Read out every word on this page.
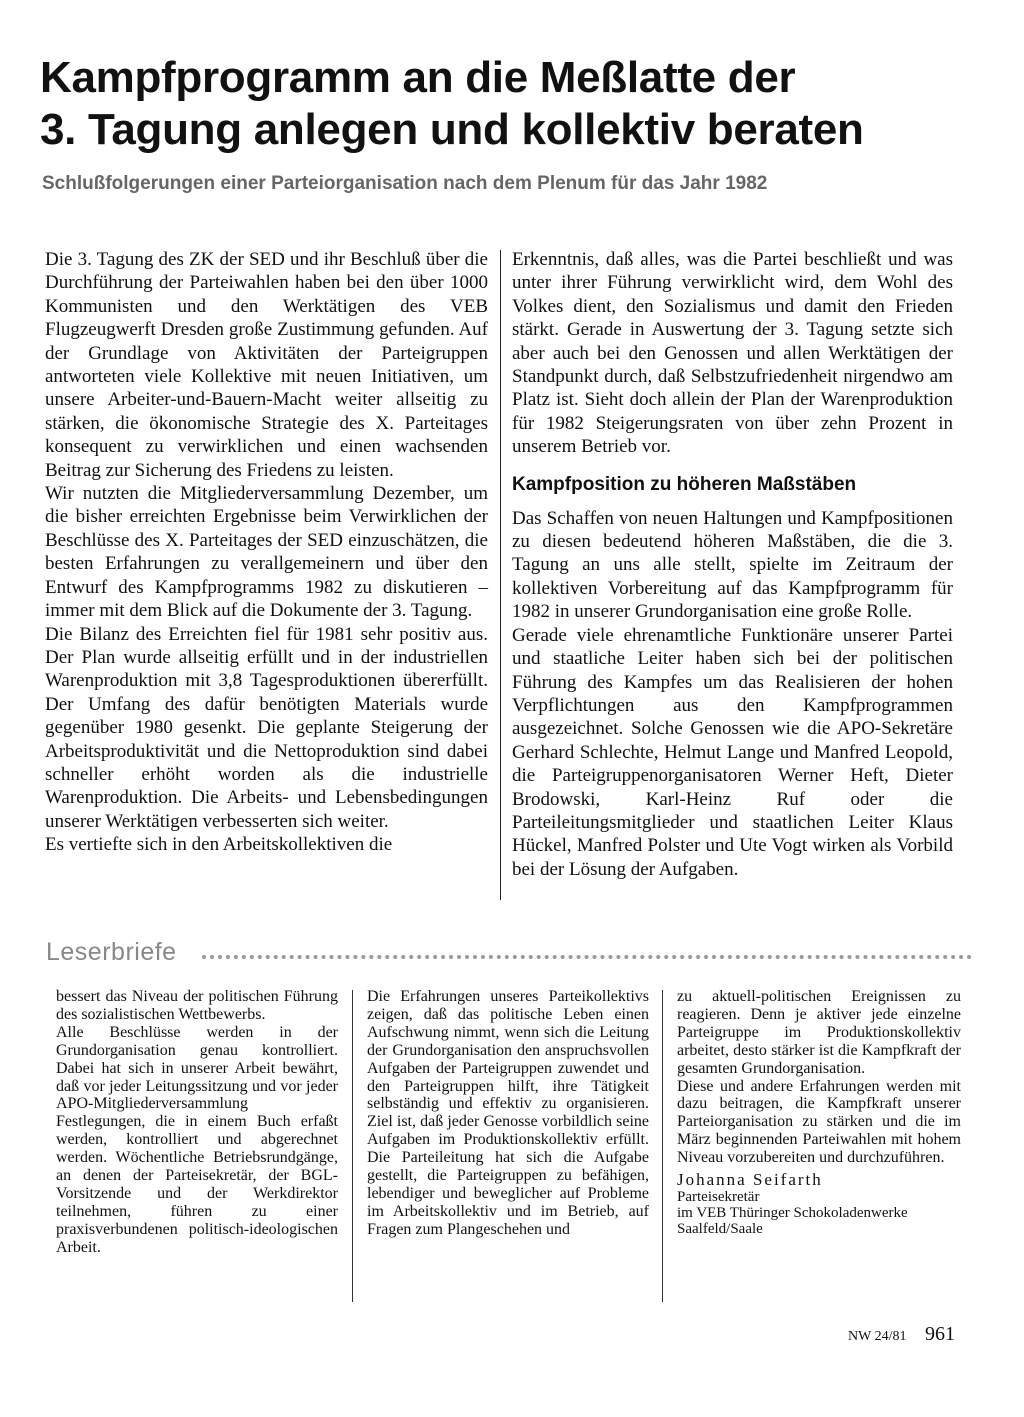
Kampfprogramm an die Meßlatte der
3. Tagung anlegen und kollektiv beraten

Schlußfolgerungen einer Parteiorganisation nach dem Plenum für das Jahr 1982

Die 3. Tagung des ZK der SED und ihr Beschluß über die Durchführung der Parteiwahlen haben bei den über 1000 Kommunisten und den Werktätigen des VEB Flugzeugwerft Dresden große Zustimmung gefunden. Auf der Grundlage von Aktivitäten der Parteigruppen antworteten viele Kollektive mit neuen Initiativen, um unsere Arbeiter-und-Bauern-Macht weiter allseitig zu stärken, die ökonomische Strategie des X. Parteitages konsequent zu verwirklichen und einen wachsenden Beitrag zur Sicherung des Friedens zu leisten.

Wir nutzten die Mitgliederversammlung Dezember, um die bisher erreichten Ergebnisse beim Verwirklichen der Beschlüsse des X. Parteitages der SED einzuschätzen, die besten Erfahrungen zu verallgemeinern und über den Entwurf des Kampfprogramms 1982 zu diskutieren – immer mit dem Blick auf die Dokumente der 3. Tagung.

Die Bilanz des Erreichten fiel für 1981 sehr positiv aus. Der Plan wurde allseitig erfüllt und in der industriellen Warenproduktion mit 3,8 Tagesproduktionen übererfüllt. Der Umfang des dafür benötigten Materials wurde gegenüber 1980 gesenkt. Die geplante Steigerung der Arbeitsproduktivität und die Nettoproduktion sind dabei schneller erhöht worden als die industrielle Warenproduktion. Die Arbeits- und Lebensbedingungen unserer Werktätigen verbesserten sich weiter.

Es vertiefte sich in den Arbeitskollektiven die

Erkenntnis, daß alles, was die Partei beschließt und was unter ihrer Führung verwirklicht wird, dem Wohl des Volkes dient, den Sozialismus und damit den Frieden stärkt. Gerade in Auswertung der 3. Tagung setzte sich aber auch bei den Genossen und allen Werktätigen der Standpunkt durch, daß Selbstzufriedenheit nirgendwo am Platz ist. Sieht doch allein der Plan der Warenproduktion für 1982 Steigerungsraten von über zehn Prozent in unserem Betrieb vor.

Kampfposition zu höheren Maßstäben

Das Schaffen von neuen Haltungen und Kampfpositionen zu diesen bedeutend höheren Maßstäben, die die 3. Tagung an uns alle stellt, spielte im Zeitraum der kollektiven Vorbereitung auf das Kampfprogramm für 1982 in unserer Grundorganisation eine große Rolle.

Gerade viele ehrenamtliche Funktionäre unserer Partei und staatliche Leiter haben sich bei der politischen Führung des Kampfes um das Realisieren der hohen Verpflichtungen aus den Kampfprogrammen ausgezeichnet. Solche Genossen wie die APO-Sekretäre Gerhard Schlechte, Helmut Lange und Manfred Leopold, die Parteigruppenorganisatoren Werner Heft, Dieter Brodowski, Karl-Heinz Ruf oder die Parteileitungsmitglieder und staatlichen Leiter Klaus Hückel, Manfred Polster und Ute Vogt wirken als Vorbild bei der Lösung der Aufgaben.

Leserbriefe

bessert das Niveau der politischen Führung des sozialistischen Wettbewerbs.

Alle Beschlüsse werden in der Grundorganisation genau kontrolliert. Dabei hat sich in unserer Arbeit bewährt, daß vor jeder Leitungssitzung und vor jeder APO-Mitgliederversammlung Festlegungen, die in einem Buch erfaßt werden, kontrolliert und abgerechnet werden. Wöchentliche Betriebsrundgänge, an denen der Parteisekretär, der BGL-Vorsitzende und der Werkdirektor teilnehmen, führen zu einer praxisverbundenen politisch-ideologischen Arbeit.

Die Erfahrungen unseres Parteikollektivs zeigen, daß das politische Leben einen Aufschwung nimmt, wenn sich die Leitung der Grundorganisation den anspruchsvollen Aufgaben der Parteigruppen zuwendet und den Parteigruppen hilft, ihre Tätigkeit selbständig und effektiv zu organisieren. Ziel ist, daß jeder Genosse vorbildlich seine Aufgaben im Produktionskollektiv erfüllt. Die Parteileitung hat sich die Aufgabe gestellt, die Parteigruppen zu befähigen, lebendiger und beweglicher auf Probleme im Arbeitskollektiv und im Betrieb, auf Fragen zum Plangeschehen und

zu aktuell-politischen Ereignissen zu reagieren. Denn je aktiver jede einzelne Parteigruppe im Produktionskollektiv arbeitet, desto stärker ist die Kampfkraft der gesamten Grundorganisation.

Diese und andere Erfahrungen werden mit dazu beitragen, die Kampfkraft unserer Parteiorganisation zu stärken und die im März beginnenden Parteiwahlen mit hohem Niveau vorzubereiten und durchzuführen.

Johanna Seifarth

Parteisekretär

im VEB Thüringer Schokoladenwerke

Saalfeld/Saale

NW 24/81 961
